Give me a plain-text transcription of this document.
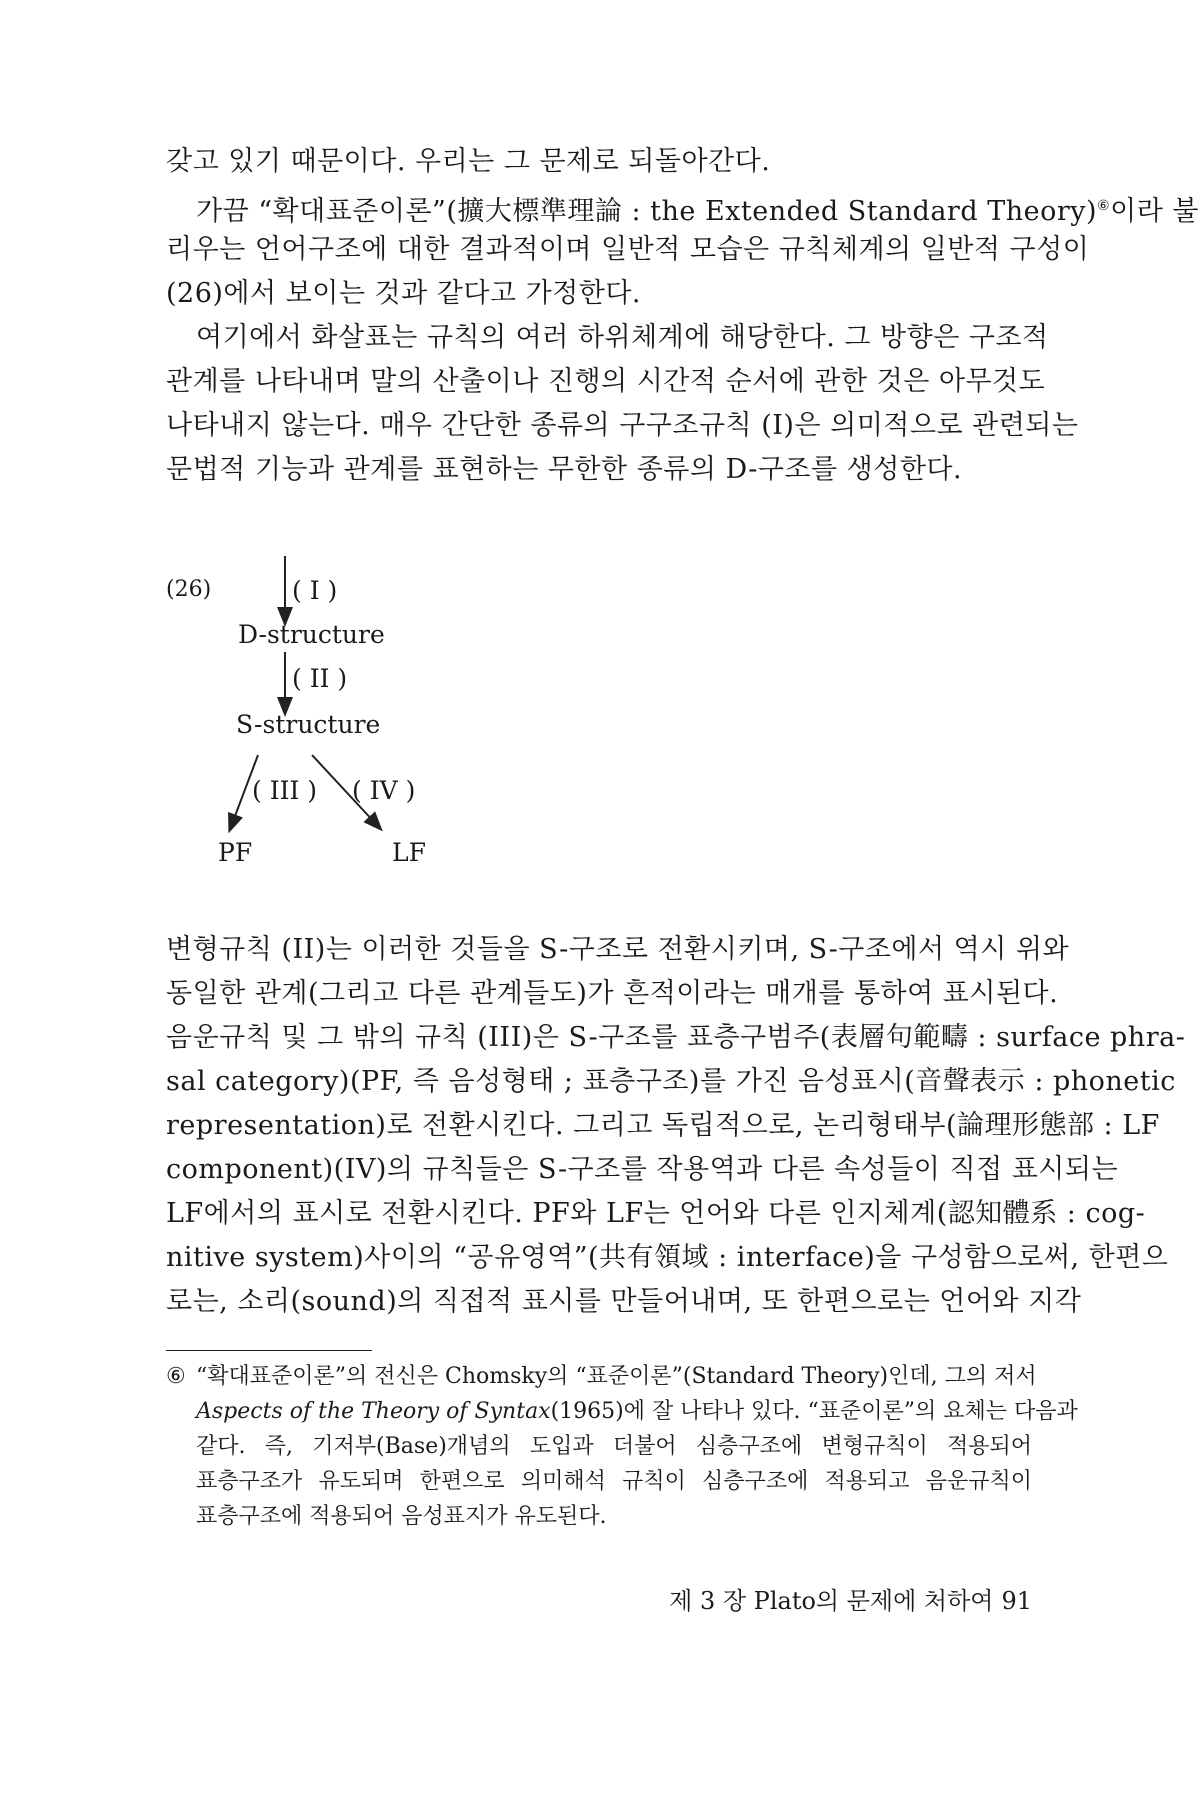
갖고 있기 때문이다. 우리는 그 문제로 되돌아간다.
가끔 “확대표준이론”(擴大標準理論 : the Extended Standard Theory)⑥이라 불
리우는 언어구조에 대한 결과적이며 일반적 모습은 규칙체계의 일반적 구성이
(26)에서 보이는 것과 같다고 가정한다.
여기에서 화살표는 규칙의 여러 하위체계에 해당한다. 그 방향은 구조적
관계를 나타내며 말의 산출이나 진행의 시간적 순서에 관한 것은 아무것도
나타내지 않는다. 매우 간단한 종류의 구구조규칙 (I)은 의미적으로 관련되는
문법적 기능과 관계를 표현하는 무한한 종류의 D-구조를 생성한다.
(26)	( I )
D-structure
( II )
S-structure
( III ) ( IV )
PF	LF
변형규칙 (II)는 이러한 것들을 S-구조로 전환시키며, S-구조에서 역시 위와
동일한 관계(그리고 다른 관계들도)가 흔적이라는 매개를 통하여 표시된다.
음운규칙 및 그 밖의 규칙 (III)은 S-구조를 표층구범주(表層句範疇 : surface phra-
sal category)(PF, 즉 음성형태 ; 표층구조)를 가진 음성표시(音聲表示 : phonetic
representation)로 전환시킨다. 그리고 독립적으로, 논리형태부(論理形態部 : LF
component)(IV)의 규칙들은 S-구조를 작용역과 다른 속성들이 직접 표시되는
LF에서의 표시로 전환시킨다. PF와 LF는 언어와 다른 인지체계(認知體系 : cog-
nitive system)사이의 “공유영역”(共有領域 : interface)을 구성함으로써, 한편으
로는, 소리(sound)의 직접적 표시를 만들어내며, 또 한편으로는 언어와 지각
⑥ “확대표준이론”의 전신은 Chomsky의 “표준이론”(Standard Theory)인데, 그의 저서
Aspects of the Theory of Syntax(1965)에 잘 나타나 있다. “표준이론”의 요체는 다음과
같다. 즉, 기저부(Base)개념의 도입과 더불어 심층구조에 변형규칙이 적용되어
표층구조가 유도되며 한편으로 의미해석 규칙이 심층구조에 적용되고 음운규칙이
표층구조에 적용되어 음성표지가 유도된다.
제 3 장 Plato의 문제에 처하여 91
